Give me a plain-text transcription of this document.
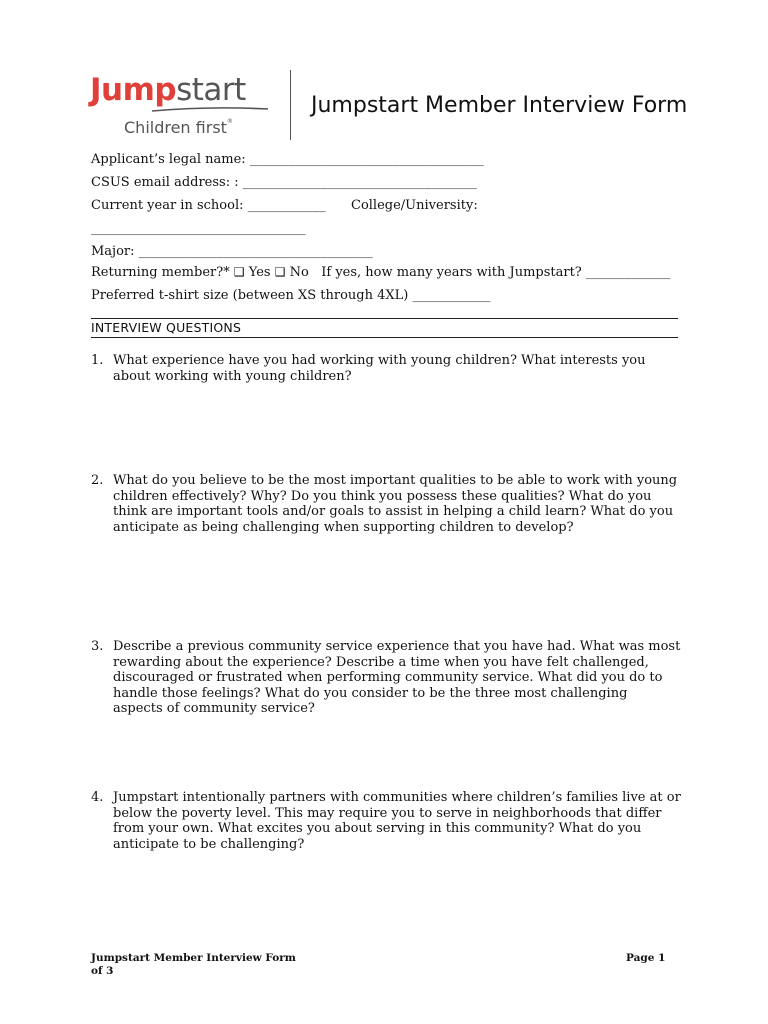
Jumpstart
Children first®
Jumpstart Member Interview Form
Applicant’s legal name: ____________________________________
CSUS email address: : ____________________________________
Current year in school: ____________ College/University:
_________________________________
Major: ____________________________________
Returning member?* ❑ Yes ❑ No If yes, how many years with Jumpstart? _____________
Preferred t-shirt size (between XS through 4XL) ____________
INTERVIEW QUESTIONS
1. What experience have you had working with young children? What interests you about working with young children?
2. What do you believe to be the most important qualities to be able to work with young children effectively? Why? Do you think you possess these qualities? What do you think are important tools and/or goals to assist in helping a child learn? What do you anticipate as being challenging when supporting children to develop?
3. Describe a previous community service experience that you have had. What was most rewarding about the experience? Describe a time when you have felt challenged, discouraged or frustrated when performing community service. What did you do to handle those feelings? What do you consider to be the three most challenging aspects of community service?
4. Jumpstart intentionally partners with communities where children’s families live at or below the poverty level. This may require you to serve in neighborhoods that differ from your own. What excites you about serving in this community? What do you anticipate to be challenging?
Jumpstart Member Interview Form
of 3
Page 1
